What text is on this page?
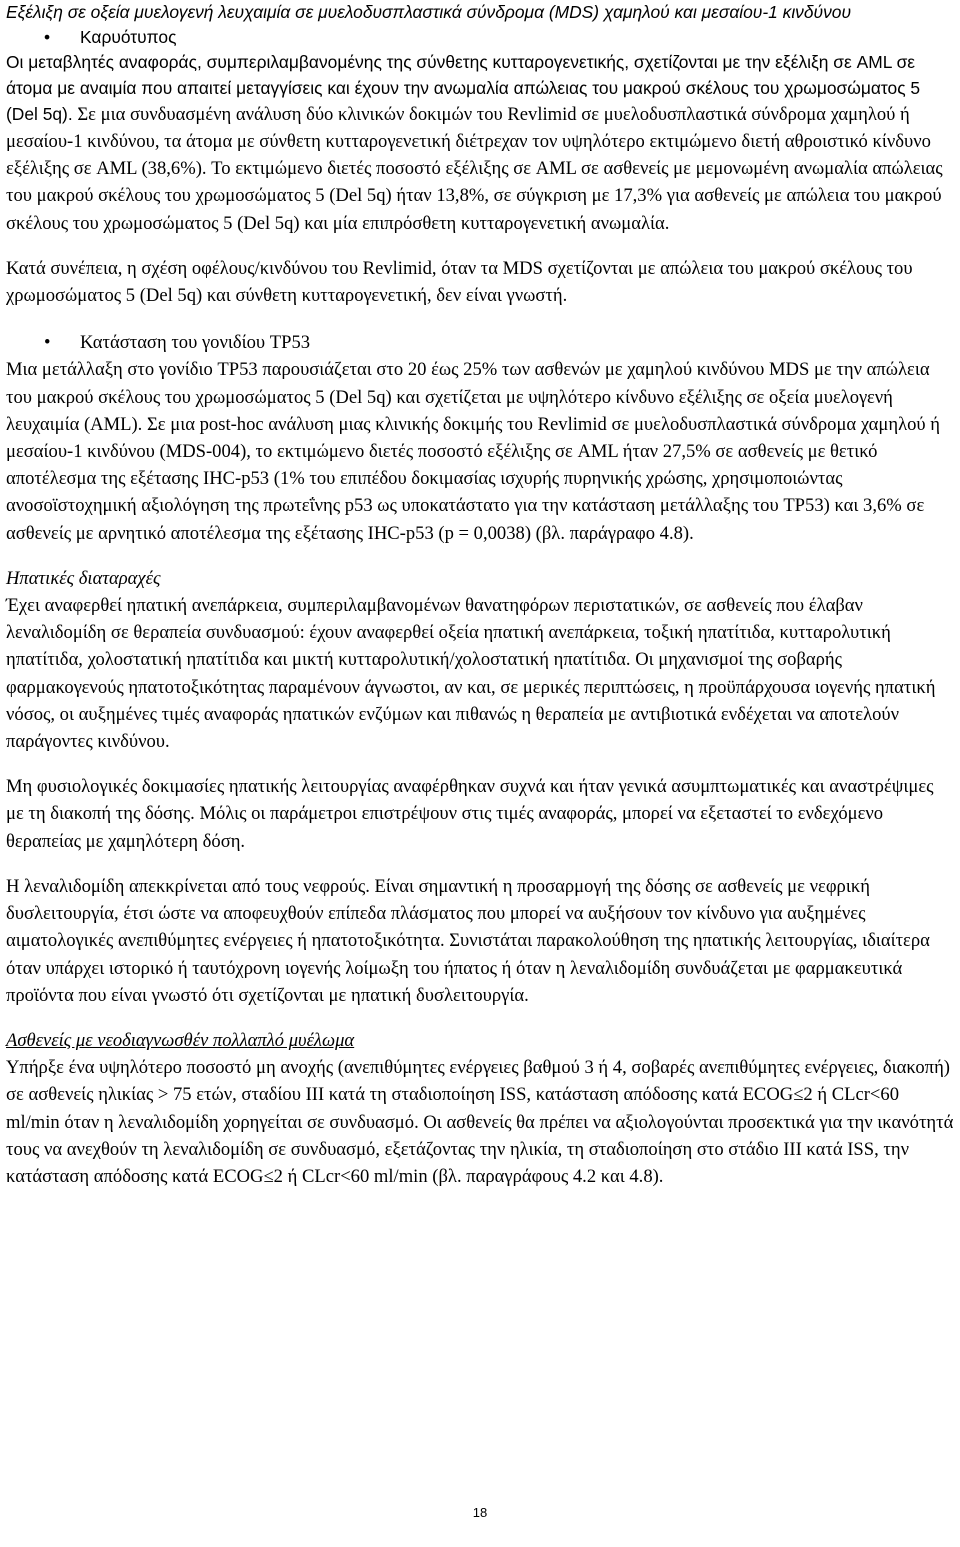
Εξέλιξη σε οξεία μυελογενή λευχαιμία σε μυελοδυσπλαστικά σύνδρομα (MDS) χαμηλού και μεσαίου-1 κινδύνου

• Καρυότυπος

Οι μεταβλητές αναφοράς, συμπεριλαμβανομένης της σύνθετης κυτταρογενετικής, σχετίζονται με την εξέλιξη σε AML σε άτομα με αναιμία που απαιτεί μεταγγίσεις και έχουν την ανωμαλία απώλειας του μακρού σκέλους του χρωμοσώματος 5 (Del 5q). Σε μια συνδυασμένη ανάλυση δύο κλινικών δοκιμών του Revlimid σε μυελοδυσπλαστικά σύνδρομα χαμηλού ή μεσαίου-1 κινδύνου, τα άτομα με σύνθετη κυτταρογενετική διέτρεχαν τον υψηλότερο εκτιμώμενο διετή αθροιστικό κίνδυνο εξέλιξης σε AML (38,6%). Το εκτιμώμενο διετές ποσοστό εξέλιξης σε AML σε ασθενείς με μεμονωμένη ανωμαλία απώλειας του μακρού σκέλους του χρωμοσώματος 5 (Del 5q) ήταν 13,8%, σε σύγκριση με 17,3% για ασθενείς με απώλεια του μακρού σκέλους του χρωμοσώματος 5 (Del 5q) και μία επιπρόσθετη κυτταρογενετική ανωμαλία.

Κατά συνέπεια, η σχέση οφέλους/κινδύνου του Revlimid, όταν τα MDS σχετίζονται με απώλεια του μακρού σκέλους του χρωμοσώματος 5 (Del 5q) και σύνθετη κυτταρογενετική, δεν είναι γνωστή.

• Κατάσταση του γονιδίου TP53

Μια μετάλλαξη στο γονίδιο TP53 παρουσιάζεται στο 20 έως 25% των ασθενών με χαμηλού κινδύνου MDS με την απώλεια του μακρού σκέλους του χρωμοσώματος 5 (Del 5q) και σχετίζεται με υψηλότερο κίνδυνο εξέλιξης σε οξεία μυελογενή λευχαιμία (AML). Σε μια post-hoc ανάλυση μιας κλινικής δοκιμής του Revlimid σε μυελοδυσπλαστικά σύνδρομα χαμηλού ή μεσαίου-1 κινδύνου (MDS-004), το εκτιμώμενο διετές ποσοστό εξέλιξης σε AML ήταν 27,5% σε ασθενείς με θετικό αποτέλεσμα της εξέτασης IHC-p53 (1% του επιπέδου δοκιμασίας ισχυρής πυρηνικής χρώσης, χρησιμοποιώντας ανοσοϊστοχημική αξιολόγηση της πρωτεΐνης p53 ως υποκατάστατο για την κατάσταση μετάλλαξης του TP53) και 3,6% σε ασθενείς με αρνητικό αποτέλεσμα της εξέτασης IHC-p53 (p = 0,0038) (βλ. παράγραφο 4.8).

Ηπατικές διαταραχές

Έχει αναφερθεί ηπατική ανεπάρκεια, συμπεριλαμβανομένων θανατηφόρων περιστατικών, σε ασθενείς που έλαβαν λεναλιδομίδη σε θεραπεία συνδυασμού: έχουν αναφερθεί οξεία ηπατική ανεπάρκεια, τοξική ηπατίτιδα, κυτταρολυτική ηπατίτιδα, χολοστατική ηπατίτιδα και μικτή κυτταρολυτική/χολοστατική ηπατίτιδα. Οι μηχανισμοί της σοβαρής φαρμακογενούς ηπατοτοξικότητας παραμένουν άγνωστοι, αν και, σε μερικές περιπτώσεις, η προϋπάρχουσα ιογενής ηπατική νόσος, οι αυξημένες τιμές αναφοράς ηπατικών ενζύμων και πιθανώς η θεραπεία με αντιβιοτικά ενδέχεται να αποτελούν παράγοντες κινδύνου.

Μη φυσιολογικές δοκιμασίες ηπατικής λειτουργίας αναφέρθηκαν συχνά και ήταν γενικά ασυμπτωματικές και αναστρέψιμες με τη διακοπή της δόσης. Μόλις οι παράμετροι επιστρέψουν στις τιμές αναφοράς, μπορεί να εξεταστεί το ενδεχόμενο θεραπείας με χαμηλότερη δόση.

Η λεναλιδομίδη απεκκρίνεται από τους νεφρούς. Είναι σημαντική η προσαρμογή της δόσης σε ασθενείς με νεφρική δυσλειτουργία, έτσι ώστε να αποφευχθούν επίπεδα πλάσματος που μπορεί να αυξήσουν τον κίνδυνο για αυξημένες αιματολογικές ανεπιθύμητες ενέργειες ή ηπατοτοξικότητα. Συνιστάται παρακολούθηση της ηπατικής λειτουργίας, ιδιαίτερα όταν υπάρχει ιστορικό ή ταυτόχρονη ιογενής λοίμωξη του ήπατος ή όταν η λεναλιδομίδη συνδυάζεται με φαρμακευτικά προϊόντα που είναι γνωστό ότι σχετίζονται με ηπατική δυσλειτουργία.

Ασθενείς με νεοδιαγνωσθέν πολλαπλό μυέλωμα

Υπήρξε ένα υψηλότερο ποσοστό μη ανοχής (ανεπιθύμητες ενέργειες βαθμού 3 ή 4, σοβαρές ανεπιθύμητες ενέργειες, διακοπή) σε ασθενείς ηλικίας > 75 ετών, σταδίου III κατά τη σταδιοποίηση ISS, κατάσταση απόδοσης κατά ECOG≤2 ή CLcr<60 ml/min όταν η λεναλιδομίδη χορηγείται σε συνδυασμό. Οι ασθενείς θα πρέπει να αξιολογούνται προσεκτικά για την ικανότητά τους να ανεχθούν τη λεναλιδομίδη σε συνδυασμό, εξετάζοντας την ηλικία, τη σταδιοποίηση στο στάδιο III κατά ISS, την κατάσταση απόδοσης κατά ECOG≤2 ή CLcr<60 ml/min (βλ. παραγράφους 4.2 και 4.8).

18
